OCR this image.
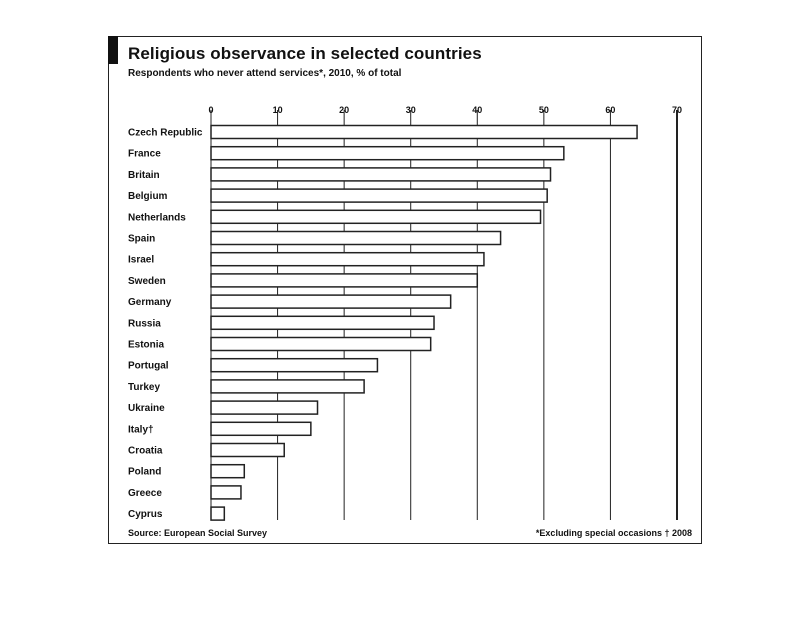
Religious observance in selected countries
Respondents who never attend services*, 2010, % of total
0	10	20	30	40	50	60	70
Czech Republic
France
Britain
Belgium
Netherlands
Spain
Israel
Sweden
Germany
Russia
Estonia
Portugal
Turkey
Ukraine
Italy†
Croatia
Poland
Greece
Cyprus
Source: European Social Survey	*Excluding special occasions † 2008
